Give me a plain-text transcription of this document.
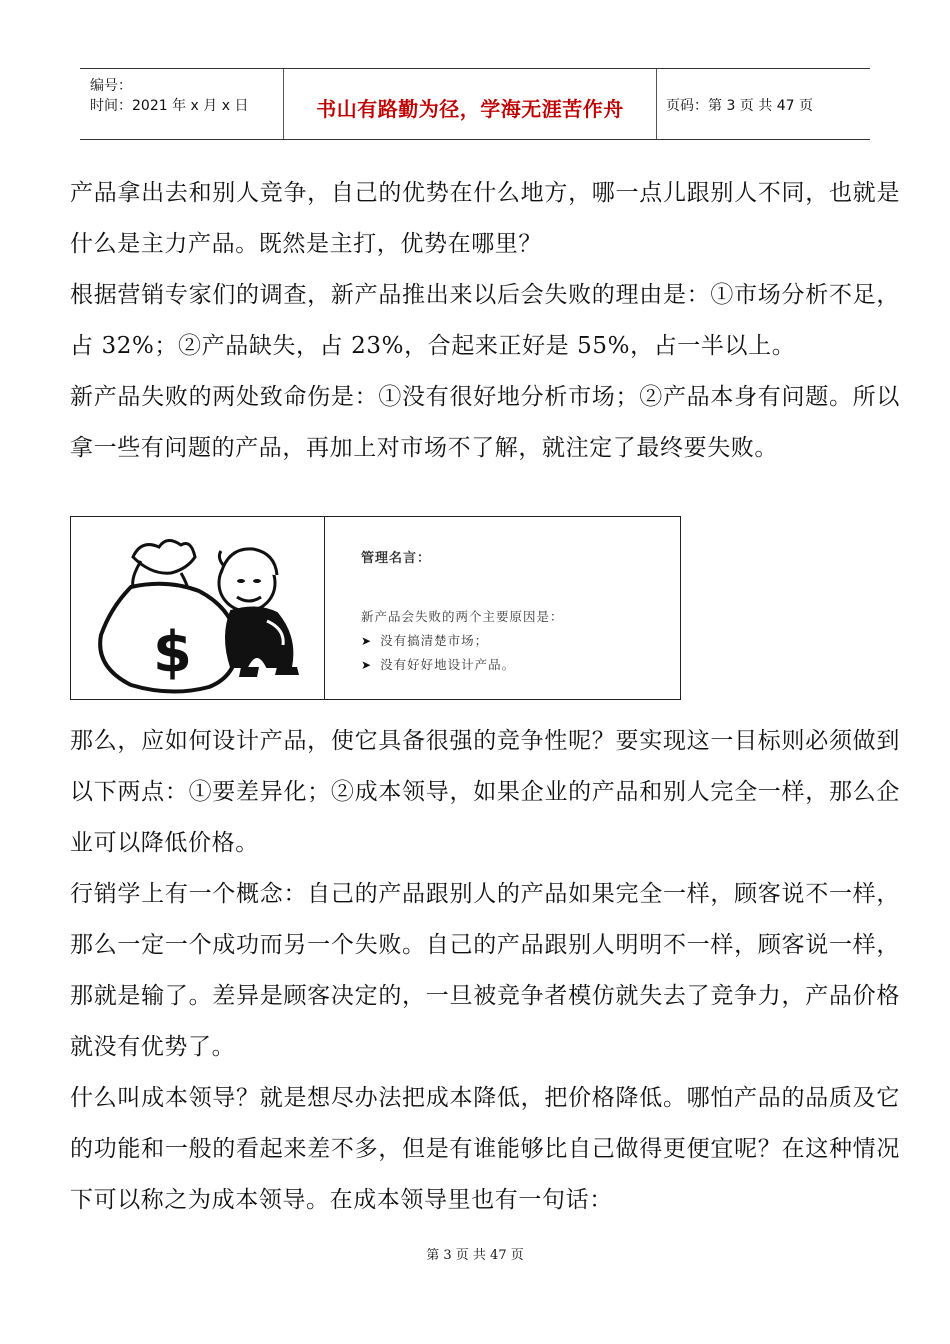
编号：
时间：2021 年 x 月 x 日	书山有路勤为径，学海无涯苦作舟	页码：第 3 页 共 47 页

产品拿出去和别人竞争，自己的优势在什么地方，哪一点儿跟别人不同，也就是什么是主力产品。既然是主打，优势在哪里？

根据营销专家们的调查，新产品推出来以后会失败的理由是：①市场分析不足，占 32%；②产品缺失，占 23%，合起来正好是 55%，占一半以上。

新产品失败的两处致命伤是：①没有很好地分析市场；②产品本身有问题。所以拿一些有问题的产品，再加上对市场不了解，就注定了最终要失败。

$
管理名言：
新产品会失败的两个主要原因是：
➤ 没有搞清楚市场；
➤ 没有好好地设计产品。

那么，应如何设计产品，使它具备很强的竞争性呢？要实现这一目标则必须做到以下两点：①要差异化；②成本领导，如果企业的产品和别人完全一样，那么企业可以降低价格。

行销学上有一个概念：自己的产品跟别人的产品如果完全一样，顾客说不一样，那么一定一个成功而另一个失败。自己的产品跟别人明明不一样，顾客说一样，那就是输了。差异是顾客决定的，一旦被竞争者模仿就失去了竞争力，产品价格就没有优势了。

什么叫成本领导？就是想尽办法把成本降低，把价格降低。哪怕产品的品质及它的功能和一般的看起来差不多，但是有谁能够比自己做得更便宜呢？在这种情况下可以称之为成本领导。在成本领导里也有一句话：

第 3 页 共 47 页
